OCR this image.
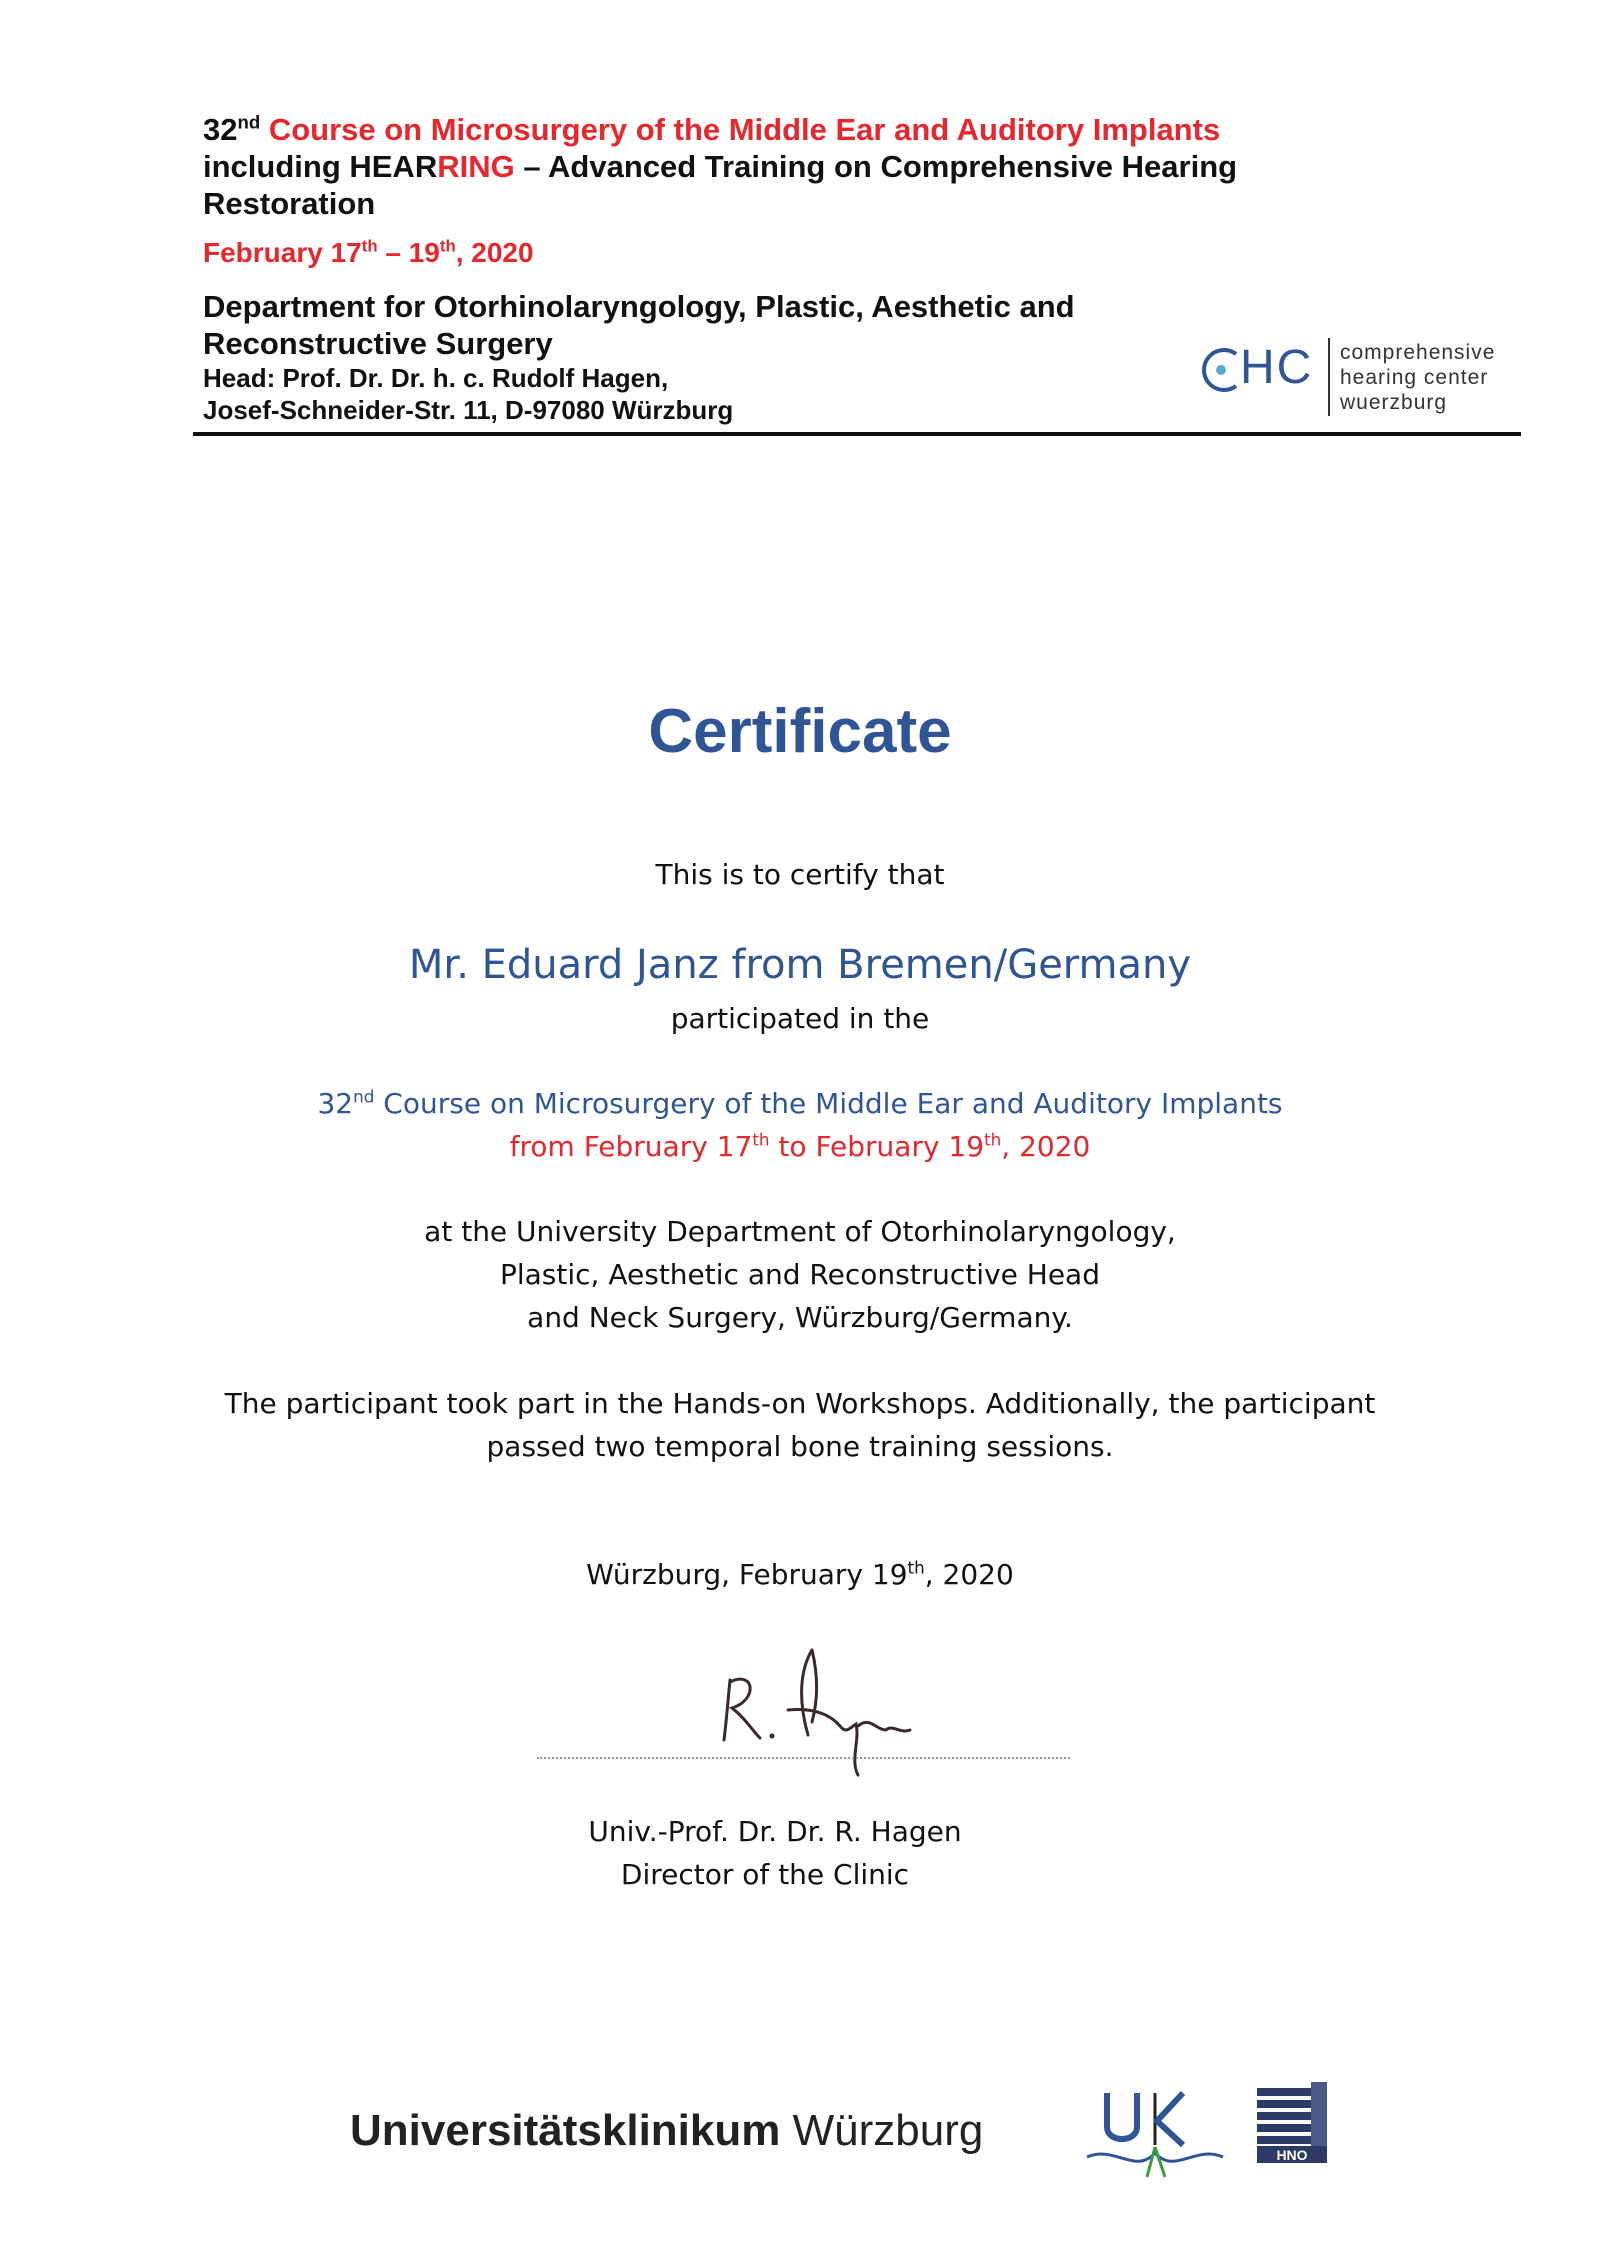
32nd Course on Microsurgery of the Middle Ear and Auditory Implants
including HEARRING – Advanced Training on Comprehensive Hearing
Restoration
February 17th – 19th, 2020
Department for Otorhinolaryngology, Plastic, Aesthetic and
Reconstructive Surgery
Head: Prof. Dr. Dr. h. c. Rudolf Hagen,
Josef-Schneider-Str. 11, D-97080 Würzburg
HC comprehensive
hearing center
wuerzburg
Certificate
This is to certify that
Mr. Eduard Janz from Bremen/Germany
participated in the
32nd Course on Microsurgery of the Middle Ear and Auditory Implants
from February 17th to February 19th, 2020
at the University Department of Otorhinolaryngology,
Plastic, Aesthetic and Reconstructive Head
and Neck Surgery, Würzburg/Germany.
The participant took part in the Hands-on Workshops. Additionally, the participant
passed two temporal bone training sessions.
Würzburg, February 19th, 2020
Univ.-Prof. Dr. Dr. R. Hagen
Director of the Clinic
Universitätsklinikum Würzburg
UK
HNO
